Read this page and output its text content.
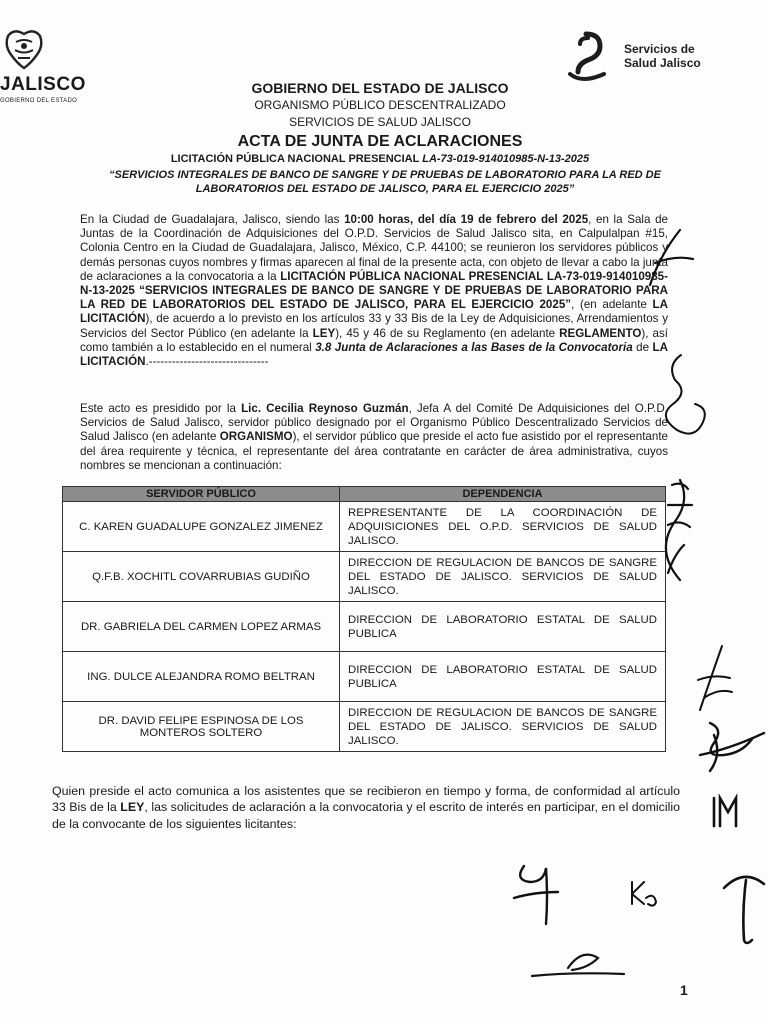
JALISCO
GOBIERNO DEL ESTADO
Servicios de
Salud Jalisco
GOBIERNO DEL ESTADO DE JALISCO
ORGANISMO PÚBLICO DESCENTRALIZADO
SERVICIOS DE SALUD JALISCO
ACTA DE JUNTA DE ACLARACIONES
LICITACIÓN PÚBLICA NACIONAL PRESENCIAL LA-73-019-914010985-N-13-2025
“SERVICIOS INTEGRALES DE BANCO DE SANGRE Y DE PRUEBAS DE LABORATORIO PARA LA RED DE LABORATORIOS DEL ESTADO DE JALISCO, PARA EL EJERCICIO 2025”
En la Ciudad de Guadalajara, Jalisco, siendo las 10:00 horas, del día 19 de febrero del 2025, en la Sala de Juntas de la Coordinación de Adquisiciones del O.P.D. Servicios de Salud Jalisco sita, en Calpulalpan #15, Colonia Centro en la Ciudad de Guadalajara, Jalisco, México, C.P. 44100; se reunieron los servidores públicos y demás personas cuyos nombres y firmas aparecen al final de la presente acta, con objeto de llevar a cabo la junta de aclaraciones a la convocatoria a la LICITACIÓN PÚBLICA NACIONAL PRESENCIAL LA-73-019-914010985-N-13-2025 “SERVICIOS INTEGRALES DE BANCO DE SANGRE Y DE PRUEBAS DE LABORATORIO PARA LA RED DE LABORATORIOS DEL ESTADO DE JALISCO, PARA EL EJERCICIO 2025”, (en adelante LA LICITACIÓN), de acuerdo a lo previsto en los artículos 33 y 33 Bis de la Ley de Adquisiciones, Arrendamientos y Servicios del Sector Público (en adelante la LEY), 45 y 46 de su Reglamento (en adelante REGLAMENTO), así como también a lo establecido en el numeral 3.8 Junta de Aclaraciones a las Bases de la Convocatoria de LA LICITACIÓN.-------------------------------
Este acto es presidido por la Lic. Cecilia Reynoso Guzmán, Jefa A del Comité De Adquisiciones del O.P.D. Servicios de Salud Jalisco, servidor público designado por el Organismo Público Descentralizado Servicios de Salud Jalisco (en adelante ORGANISMO), el servidor público que preside el acto fue asistido por el representante del área requirente y técnica, el representante del área contratante en carácter de área administrativa, cuyos nombres se mencionan a continuación:
SERVIDOR PÚBLICO	DEPENDENCIA
C. KAREN GUADALUPE GONZALEZ JIMENEZ	REPRESENTANTE DE LA COORDINACIÓN DE ADQUISICIONES DEL O.P.D. SERVICIOS DE SALUD JALISCO.
Q.F.B. XOCHITL COVARRUBIAS GUDIÑO	DIRECCION DE REGULACION DE BANCOS DE SANGRE DEL ESTADO DE JALISCO. SERVICIOS DE SALUD JALISCO.
DR. GABRIELA DEL CARMEN LOPEZ ARMAS	DIRECCION DE LABORATORIO ESTATAL DE SALUD PUBLICA
ING. DULCE ALEJANDRA ROMO BELTRAN	DIRECCION DE LABORATORIO ESTATAL DE SALUD PUBLICA
DR. DAVID FELIPE ESPINOSA DE LOS MONTEROS SOLTERO	DIRECCION DE REGULACION DE BANCOS DE SANGRE DEL ESTADO DE JALISCO. SERVICIOS DE SALUD JALISCO.
Quien preside el acto comunica a los asistentes que se recibieron en tiempo y forma, de conformidad al artículo 33 Bis de la LEY, las solicitudes de aclaración a la convocatoria y el escrito de interés en participar, en el domicilio de la convocante de los siguientes licitantes:
1
